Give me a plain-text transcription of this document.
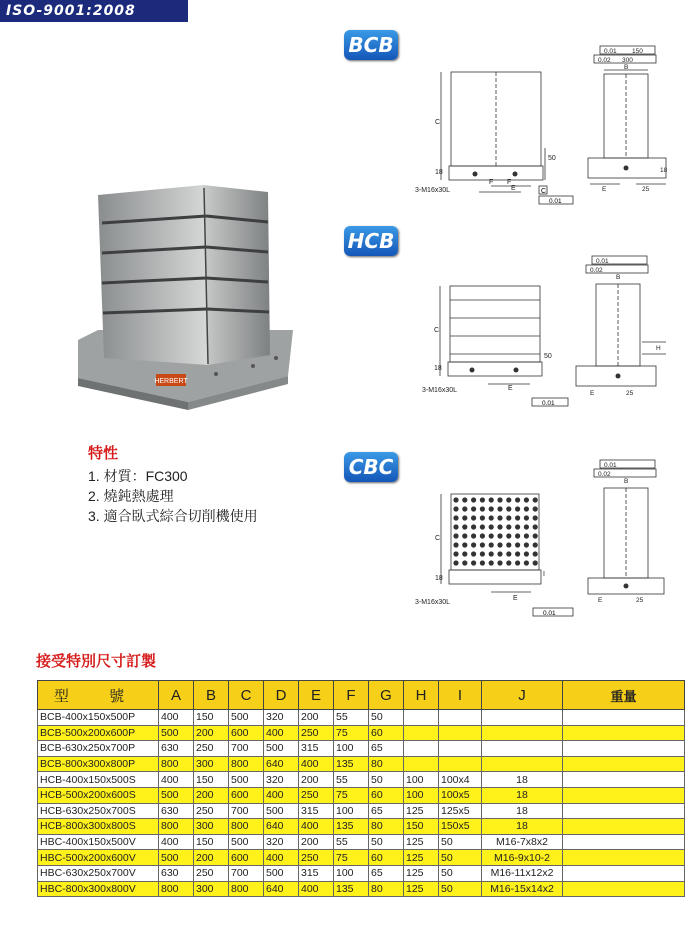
ISO-9001:2008
BCB
HCB
CBC
HERBERT
C
18
50
F F
E
3-M16x30L	C
0.01
0.01 150
0.02 300
B
E	25
18
C
18
50
3-M16x30L	E
0.01
0.01
0.02
B
H
E	25
C
18
I
3-M16x30L
E
0.01
0.01
0.02
B
E	25
特性
1. 材質：FC300
2. 燒鈍熱處理
3. 適合臥式綜合切削機使用
接受特別尺寸訂製
型 號	A	B	C	D	E	F	G	H	I	J	重量
BCB-400x150x500P	400	150	500	320	200	55	50				
BCB-500x200x600P	500	200	600	400	250	75	60				
BCB-630x250x700P	630	250	700	500	315	100	65				
BCB-800x300x800P	800	300	800	640	400	135	80				
HCB-400x150x500S	400	150	500	320	200	55	50	100	100x4	18	
HCB-500x200x600S	500	200	600	400	250	75	60	100	100x5	18	
HCB-630x250x700S	630	250	700	500	315	100	65	125	125x5	18	
HCB-800x300x800S	800	300	800	640	400	135	80	150	150x5	18	
HBC-400x150x500V	400	150	500	320	200	55	50	125	50	M16-7x8x2	
HBC-500x200x600V	500	200	600	400	250	75	60	125	50	M16-9x10-2	
HBC-630x250x700V	630	250	700	500	315	100	65	125	50	M16-11x12x2	
HBC-800x300x800V	800	300	800	640	400	135	80	125	50	M16-15x14x2	
